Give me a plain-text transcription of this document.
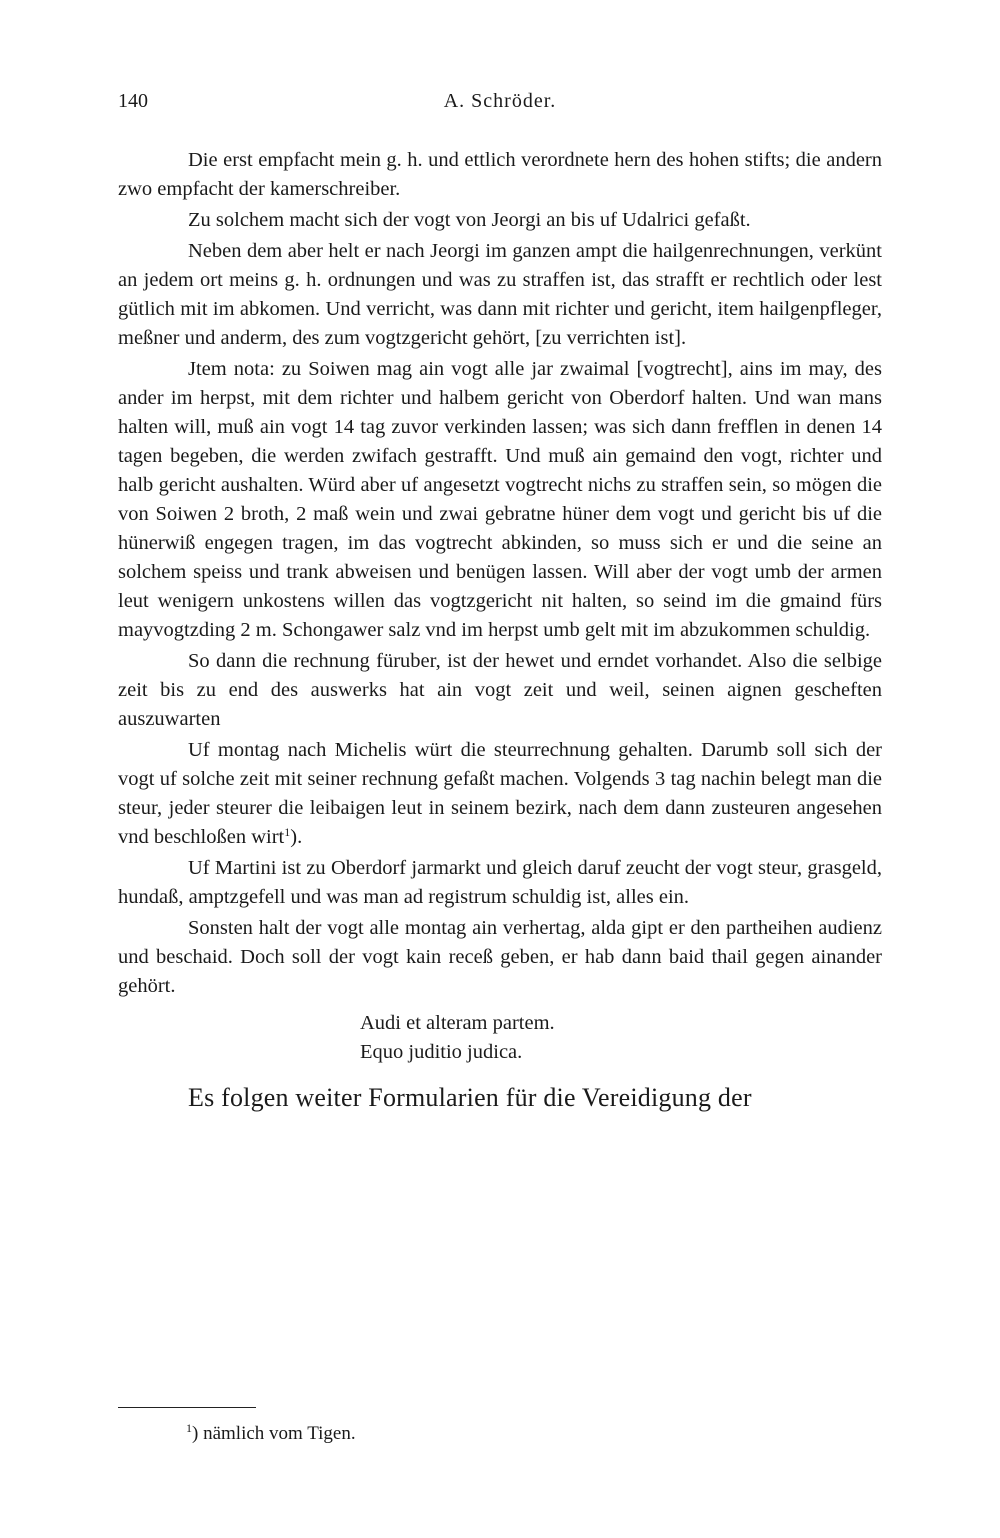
140	A. Schröder.

Die erst empfacht mein g. h. und ettlich verordnete hern des hohen stifts; die andern zwo empfacht der kamerschreiber.

Zu solchem macht sich der vogt von Jeorgi an bis uf Udalrici gefaßt.

Neben dem aber helt er nach Jeorgi im ganzen ampt die hailgenrechnungen, verkünt an jedem ort meins g. h. ordnungen und was zu straffen ist, das strafft er rechtlich oder lest gütlich mit im abkomen. Und verricht, was dann mit richter und gericht, item hailgenpfleger, meßner und anderm, des zum vogtzgericht gehört, [zu verrichten ist].

Jtem nota: zu Soiwen mag ain vogt alle jar zwaimal [vogtrecht], ains im may, des ander im herpst, mit dem richter und halbem gericht von Oberdorf halten. Und wan mans halten will, muß ain vogt 14 tag zuvor verkinden lassen; was sich dann frefflen in denen 14 tagen begeben, die werden zwifach gestrafft. Und muß ain gemaind den vogt, richter und halb gericht aushalten. Würd aber uf angesetzt vogtrecht nichs zu straffen sein, so mögen die von Soiwen 2 broth, 2 maß wein und zwai gebratne hüner dem vogt und gericht bis uf die hünerwiß engegen tragen, im das vogtrecht abkinden, so muss sich er und die seine an solchem speiss und trank abweisen und benügen lassen. Will aber der vogt umb der armen leut wenigern unkostens willen das vogtzgericht nit halten, so seind im die gmaind fürs mayvogtzding 2 m. Schongawer salz vnd im herpst umb gelt mit im abzukommen schuldig.

So dann die rechnung füruber, ist der hewet und erndet vorhandet. Also die selbige zeit bis zu end des auswerks hat ain vogt zeit und weil, seinen aignen gescheften auszuwarten

Uf montag nach Michelis würt die steurrechnung gehalten. Darumb soll sich der vogt uf solche zeit mit seiner rechnung gefaßt machen. Volgends 3 tag nachin belegt man die steur, jeder steurer die leibaigen leut in seinem bezirk, nach dem dann zusteuren angesehen vnd beschloßen wirt$^1$).

Uf Martini ist zu Oberdorf jarmarkt und gleich daruf zeucht der vogt steur, grasgeld, hundaß, amptzgefell und was man ad registrum schuldig ist, alles ein.

Sonsten halt der vogt alle montag ain verhertag, alda gipt er den partheihen audienz und beschaid. Doch soll der vogt kain receß geben, er hab dann baid thail gegen ainander gehört.

Audi et alteram partem.
Equo juditio judica.
Es folgen weiter Formularien für die Vereidigung der
$^1$) nämlich vom Tigen.
